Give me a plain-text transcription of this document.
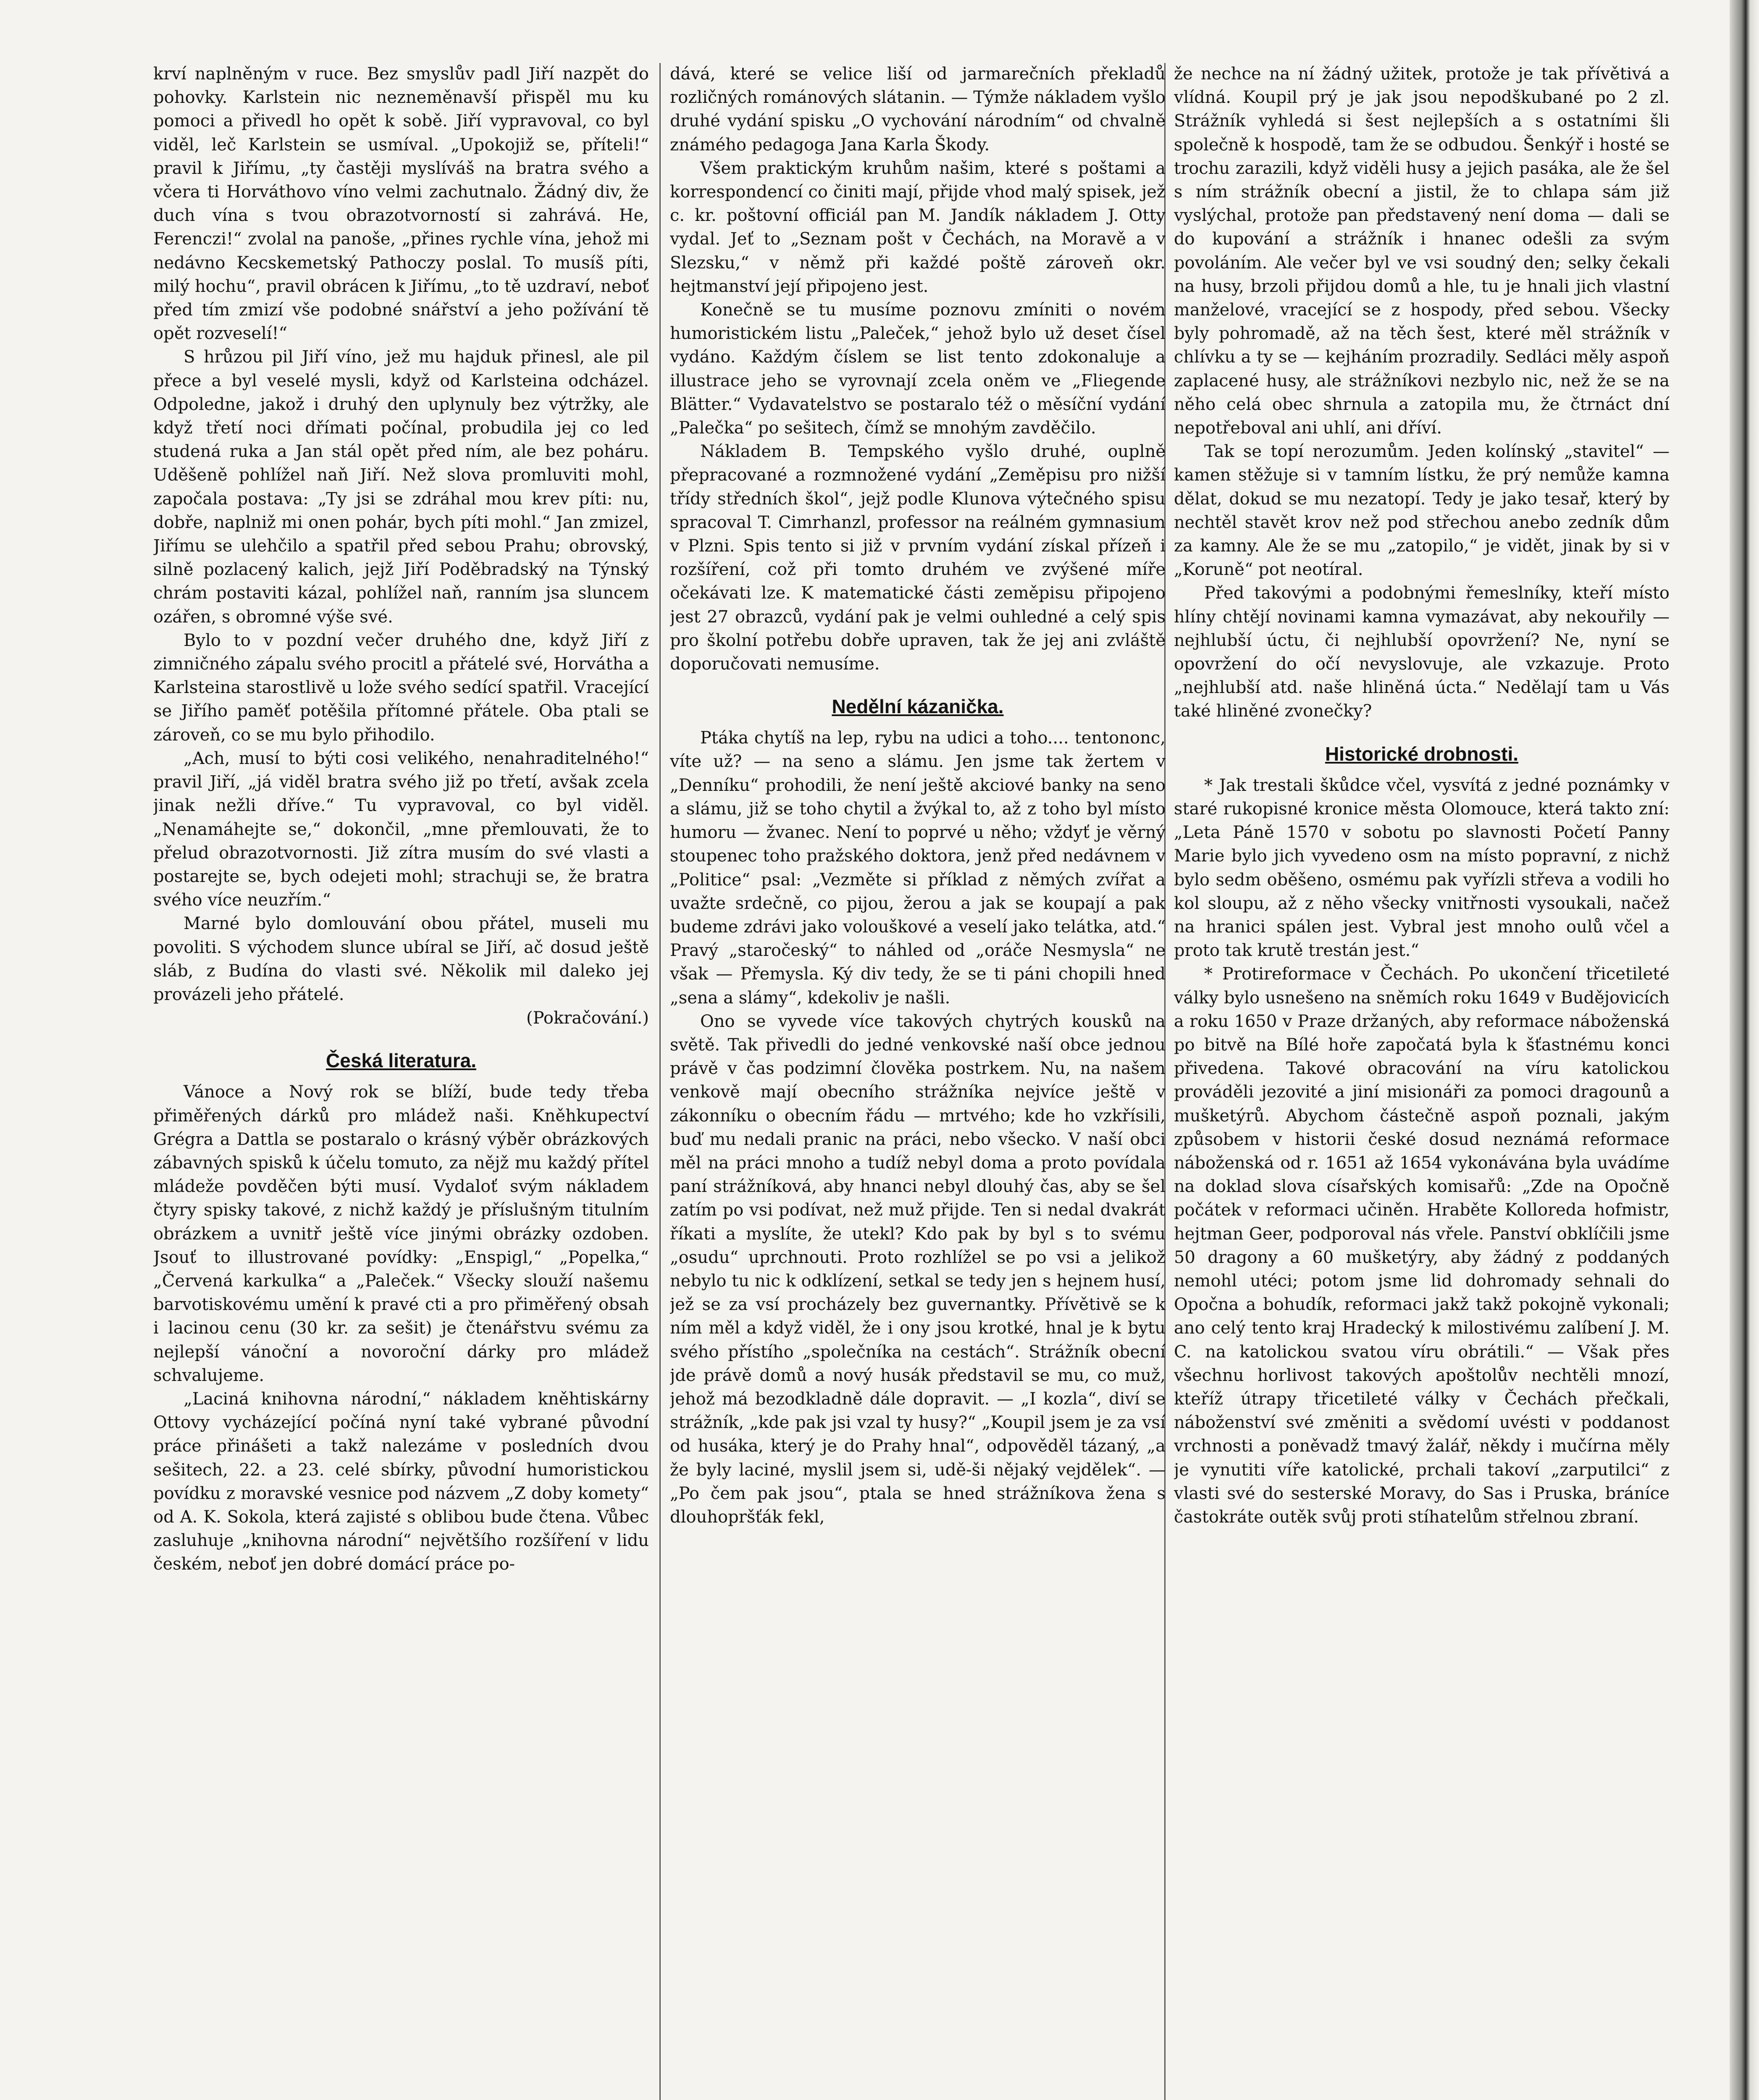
krví naplněným v ruce. Bez smyslův padl Jiří nazpět do pohovky. Karlstein nic nezneměnavší přispěl mu ku pomoci a přivedl ho opět k sobě. Jiří vypravoval, co byl viděl, leč Karlstein se usmíval. „Upokojiž se, příteli!“ pravil k Jiřímu, „ty častěji myslíváš na bratra svého a včera ti Horváthovo víno velmi zachutnalo. Žádný div, že duch vína s tvou obrazotvorností si zahrává. He, Ferenczi!“ zvolal na panoše, „přines rychle vína, jehož mi nedávno Kecskemetský Pathoczy poslal. To musíš píti, milý hochu“, pravil obrácen k Jiřímu, „to tě uzdraví, neboť před tím zmizí vše podobné snářství a jeho požívání tě opět rozveselí!“

S hrůzou pil Jiří víno, jež mu hajduk přinesl, ale pil přece a byl veselé mysli, když od Karlsteina odcházel. Odpoledne, jakož i druhý den uplynuly bez výtržky, ale když třetí noci dřímati počínal, probudila jej co led studená ruka a Jan stál opět před ním, ale bez poháru. Uděšeně pohlížel naň Jiří. Než slova promluviti mohl, započala postava: „Ty jsi se zdráhal mou krev píti: nu, dobře, naplniž mi onen pohár, bych píti mohl.“ Jan zmizel, Jiřímu se ulehčilo a spatřil před sebou Prahu; obrovský, silně pozlacený kalich, jejž Jiří Poděbradský na Týnský chrám postaviti kázal, pohlížel naň, ranním jsa sluncem ozářen, s obromné výše své.

Bylo to v pozdní večer druhého dne, když Jiří z zimničného zápalu svého procitl a přátelé své, Horvátha a Karlsteina starostlivě u lože svého sedící spatřil. Vracející se Jiřího paměť potěšila přítomné přátele. Oba ptali se zároveň, co se mu bylo přihodilo.

„Ach, musí to býti cosi velikého, nenahraditelného!“ pravil Jiří, „já viděl bratra svého již po třetí, avšak zcela jinak nežli dříve.“ Tu vypravoval, co byl viděl. „Nenamáhejte se,“ dokončil, „mne přemlouvati, že to přelud obrazotvornosti. Již zítra musím do své vlasti a postarejte se, bych odejeti mohl; strachuji se, že bratra svého více neuzřím.“

Marné bylo domlouvání obou přátel, museli mu povoliti. S východem slunce ubíral se Jiří, ač dosud ještě sláb, z Budína do vlasti své. Několik mil daleko jej provázeli jeho přátelé.

(Pokračování.)

Česká literatura.

Vánoce a Nový rok se blíží, bude tedy třeba přiměřených dárků pro mládež naši. Kněhkupectví Grégra a Dattla se postaralo o krásný výběr obrázkových zábavných spisků k účelu tomuto, za nějž mu každý přítel mládeže povděčen býti musí. Vydaloť svým nákladem čtyry spisky takové, z nichž každý je příslušným titulním obrázkem a uvnitř ještě více jinými obrázky ozdoben. Jsouť to illustrované povídky: „Enspigl,“ „Popelka,“ „Červená karkulka“ a „Paleček.“ Všecky slouží našemu barvotiskovému umění k pravé cti a pro přiměřený obsah i lacinou cenu (30 kr. za sešit) je čtenářstvu svému za nejlepší vánoční a novoroční dárky pro mládež schvalujeme.

„Laciná knihovna národní,“ nákladem kněhtiskárny Ottovy vycházející počíná nyní také vybrané původní práce přinášeti a takž nalezáme v posledních dvou sešitech, 22. a 23. celé sbírky, původní humoristickou povídku z moravské vesnice pod názvem „Z doby komety“ od A. K. Sokola, která zajisté s oblibou bude čtena. Vůbec zasluhuje „knihovna národní“ největšího rozšíření v lidu českém, neboť jen dobré domácí práce po-

dává, které se velice liší od jarmarečních překladů rozličných románových slátanin. — Týmže nákladem vyšlo druhé vydání spisku „O vychování národním“ od chvalně známého pedagoga Jana Karla Škody.

Všem praktickým kruhům našim, které s poštami a korrespondencí co činiti mají, přijde vhod malý spisek, jež c. kr. poštovní officiál pan M. Jandík nákladem J. Otty vydal. Jeť to „Seznam pošt v Čechách, na Moravě a v Slezsku,“ v němž při každé poště zároveň okr. hejtmanství její připojeno jest.

Konečně se tu musíme poznovu zmíniti o novém humoristickém listu „Paleček,“ jehož bylo už deset čísel vydáno. Každým číslem se list tento zdokonaluje a illustrace jeho se vyrovnají zcela oněm ve „Fliegende Blätter.“ Vydavatelstvo se postaralo též o měsíční vydání „Palečka“ po sešitech, čímž se mnohým zavděčilo.

Nákladem B. Tempského vyšlo druhé, ouplně přepracované a rozmnožené vydání „Zeměpisu pro nižší třídy středních škol“, jejž podle Klunova výtečného spisu spracoval T. Cimrhanzl, professor na reálném gymnasium v Plzni. Spis tento si již v prvním vydání získal přízeň i rozšíření, což při tomto druhém ve zvýšené míře očekávati lze. K matematické části zeměpisu připojeno jest 27 obrazců, vydání pak je velmi ouhledné a celý spis pro školní potřebu dobře upraven, tak že jej ani zvláště doporučovati nemusíme.

Nedělní kázanička.

Ptáka chytíš na lep, rybu na udici a toho.... tentononc, víte už? — na seno a slámu. Jen jsme tak žertem v „Denníku“ prohodili, že není ještě akciové banky na seno a slámu, již se toho chytil a žvýkal to, až z toho byl místo humoru — žvanec. Není to poprvé u něho; vždyť je věrný stoupenec toho pražského doktora, jenž před nedávnem v „Politice“ psal: „Vezměte si příklad z němých zvířat a uvažte srdečně, co pijou, žerou a jak se koupají a pak budeme zdrávi jako volouškové a veselí jako telátka, atd.“ Pravý „staročeský“ to náhled od „oráče Nesmysla“ ne však — Přemysla. Ký div tedy, že se ti páni chopili hned „sena a slámy“, kdekoliv je našli.

Ono se vyvede více takových chytrých kousků na světě. Tak přivedli do jedné venkovské naší obce jednou právě v čas podzimní člověka postrkem. Nu, na našem venkově mají obecního strážníka nejvíce ještě v zákonníku o obecním řádu — mrtvého; kde ho vzkřísili, buď mu nedali pranic na práci, nebo všecko. V naší obci měl na práci mnoho a tudíž nebyl doma a proto povídala paní strážníková, aby hnanci nebyl dlouhý čas, aby se šel zatím po vsi podívat, než muž přijde. Ten si nedal dvakrát říkati a myslíte, že utekl? Kdo pak by byl s to svému „osudu“ uprchnouti. Proto rozhlížel se po vsi a jelikož nebylo tu nic k odklízení, setkal se tedy jen s hejnem husí, jež se za vsí procházely bez guvernantky. Přívětivě se k ním měl a když viděl, že i ony jsou krotké, hnal je k bytu svého přístího „společníka na cestách“. Strážník obecní jde právě domů a nový husák představil se mu, co muž, jehož má bezodkladně dále dopravit. — „I kozla“, diví se strážník, „kde pak jsi vzal ty husy?“ „Koupil jsem je za vsí od husáka, který je do Prahy hnal“, odpověděl tázaný, „a že byly laciné, myslil jsem si, udě-ši nějaký vejdělek“. — „Po čem pak jsou“, ptala se hned strážníkova žena s dlouhopršťák fekl,

že nechce na ní žádný užitek, protože je tak přívětivá a vlídná. Koupil prý je jak jsou nepodškubané po 2 zl. Strážník vyhledá si šest nejlepších a s ostatními šli společně k hospodě, tam že se odbudou. Šenkýř i hosté se trochu zarazili, když viděli husy a jejich pasáka, ale že šel s ním strážník obecní a jistil, že to chlapa sám již vyslýchal, protože pan představený není doma — dali se do kupování a strážník i hnanec odešli za svým povoláním. Ale večer byl ve vsi soudný den; selky čekali na husy, brzoli přijdou domů a hle, tu je hnali jich vlastní manželové, vracející se z hospody, před sebou. Všecky byly pohromadě, až na těch šest, které měl strážník v chlívku a ty se — kejháním prozradily. Sedláci měly aspoň zaplacené husy, ale strážníkovi nezbylo nic, než že se na něho celá obec shrnula a zatopila mu, že čtrnáct dní nepotřeboval ani uhlí, ani dříví.

Tak se topí nerozumům. Jeden kolínský „stavitel“ — kamen stěžuje si v tamním lístku, že prý nemůže kamna dělat, dokud se mu nezatopí. Tedy je jako tesař, který by nechtěl stavět krov než pod střechou anebo zedník dům za kamny. Ale že se mu „zatopilo,“ je vidět, jinak by si v „Koruně“ pot neotíral.

Před takovými a podobnými řemeslníky, kteří místo hlíny chtějí novinami kamna vymazávat, aby nekouřily — nejhlubší úctu, či nejhlubší opovržení? Ne, nyní se opovržení do očí nevyslovuje, ale vzkazuje. Proto „nejhlubší atd. naše hliněná úcta.“ Nedělají tam u Vás také hliněné zvonečky?

Historické drobnosti.

* Jak trestali škůdce včel, vysvítá z jedné poznámky v staré rukopisné kronice města Olomouce, která takto zní: „Leta Páně 1570 v sobotu po slavnosti Početí Panny Marie bylo jich vyvedeno osm na místo popravní, z nichž bylo sedm oběšeno, osmému pak vyřízli střeva a vodili ho kol sloupu, až z něho všecky vnitřnosti vysoukali, načež na hranici spálen jest. Vybral jest mnoho oulů včel a proto tak krutě trestán jest.“

* Protireformace v Čechách. Po ukončení třicetileté války bylo usnešeno na sněmích roku 1649 v Budějovicích a roku 1650 v Praze držaných, aby reformace náboženská po bitvě na Bílé hoře započatá byla k šťastnému konci přivedena. Takové obracování na víru katolickou prováděli jezovité a jiní misionáři za pomoci dragounů a mušketýrů. Abychom částečně aspoň poznali, jakým způsobem v historii české dosud neznámá reformace náboženská od r. 1651 až 1654 vykonávána byla uvádíme na doklad slova císařských komisařů: „Zde na Opočně počátek v reformaci učiněn. Hraběte Kolloreda hofmistr, hejtman Geer, podporoval nás vřele. Panství obklíčili jsme 50 dragony a 60 mušketýry, aby žádný z poddaných nemohl utéci; potom jsme lid dohromady sehnali do Opočna a bohudík, reformaci jakž takž pokojně vykonali; ano celý tento kraj Hradecký k milostivému zalíbení J. M. C. na katolickou svatou víru obrátili.“ — Však přes všechnu horlivost takových apoštolův nechtěli mnozí, kteříž útrapy třicetileté války v Čechách přečkali, náboženství své změniti a svědomí uvésti v poddanost vrchnosti a poněvadž tmavý žalář, někdy i mučírna měly je vynutiti víře katolické, prchali takoví „zarputilci“ z vlasti své do sesterské Moravy, do Sas i Pruska, bráníce častokráte outěk svůj proti stíhatelům střelnou zbraní.
